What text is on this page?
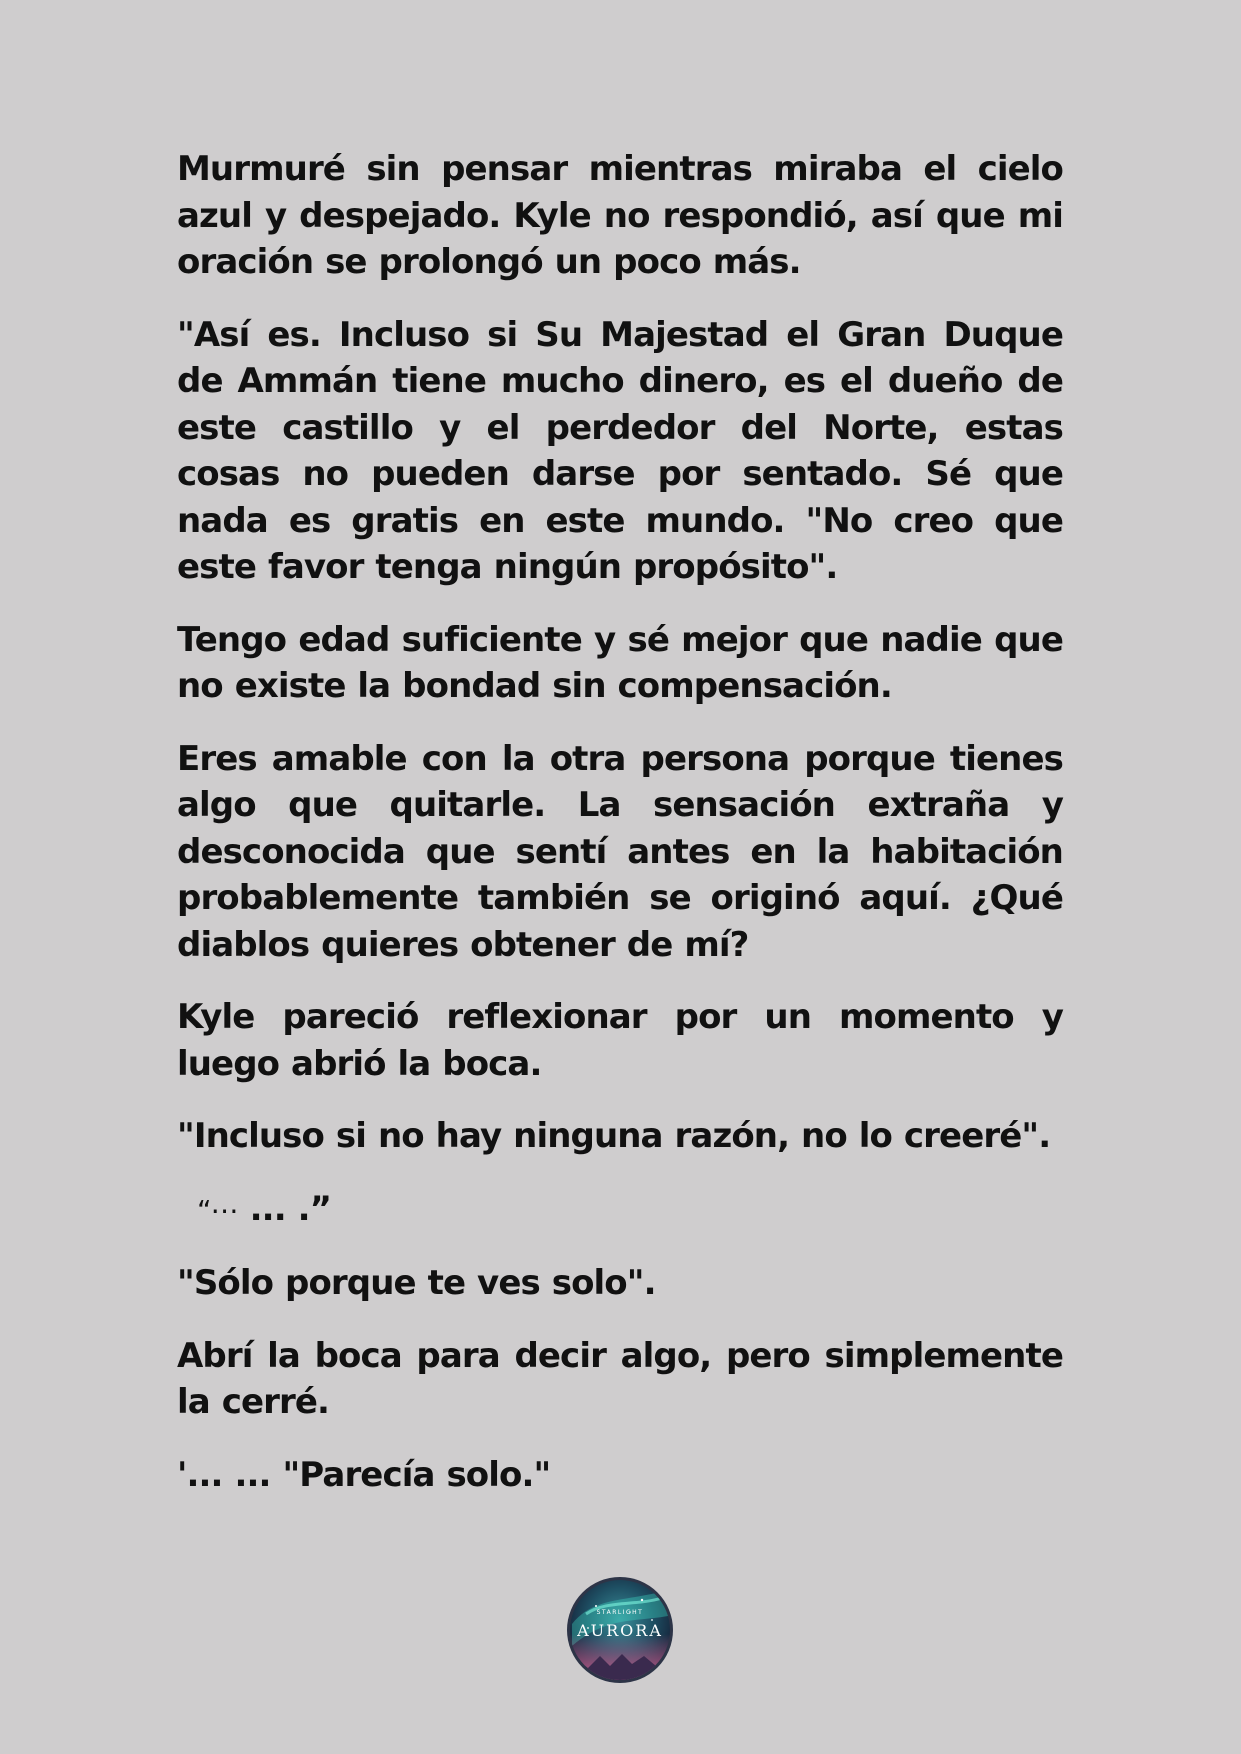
Murmuré sin pensar mientras miraba el cielo azul y despejado. Kyle no respondió, así que mi oración se prolongó un poco más.

"Así es. Incluso si Su Majestad el Gran Duque de Ammán tiene mucho dinero, es el dueño de este castillo y el perdedor del Norte, estas cosas no pueden darse por sentado. Sé que nada es gratis en este mundo. "No creo que este favor tenga ningún propósito".

Tengo edad suficiente y sé mejor que nadie que no existe la bondad sin compensación.

Eres amable con la otra persona porque tienes algo que quitarle. La sensación extraña y desconocida que sentí antes en la habitación probablemente también se originó aquí. ¿Qué diablos quieres obtener de mí?

Kyle pareció reflexionar por un momento y luego abrió la boca.

"Incluso si no hay ninguna razón, no lo creeré".

“⋯ ... .”

"Sólo porque te ves solo".

Abrí la boca para decir algo, pero simplemente la cerré.

'... ... "Parecía solo."

STARLIGHT
AURORA
